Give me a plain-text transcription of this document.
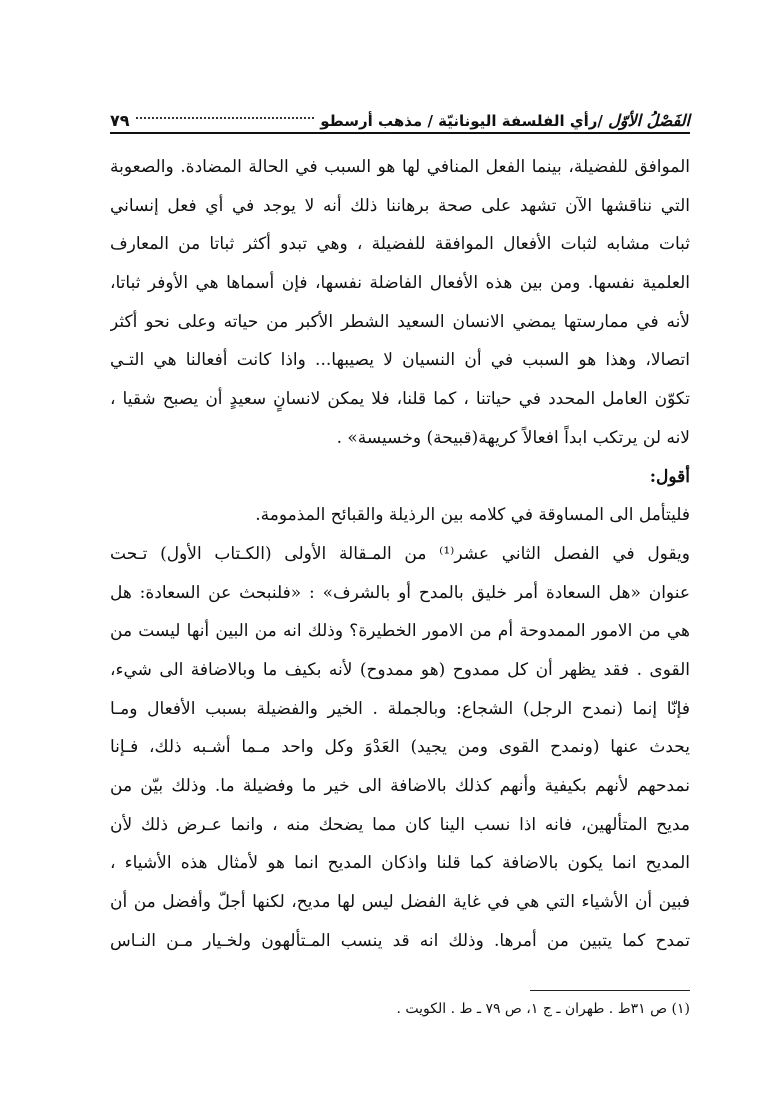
الفَصْلُ الأوّل /رأي الفلسفة اليونانيّة / مذهب أرسطو
٧٩
الموافق للفضيلة، بينما الفعل المنافي لها هو السبب في الحالة المضادة. والصعوبة
التي نناقشها الآن تشهد على صحة برهاننا ذلك أنه لا يوجد في أي فعل إنساني
ثبات مشابه لثبات الأفعال الموافقة للفضيلة ، وهي تبدو أكثر ثباتا من المعارف
العلمية نفسها. ومن بين هذه الأفعال الفاضلة نفسها، فإن أسماها هي الأوفر ثباتا،
لأنه في ممارستها يمضي الانسان السعيد الشطر الأكبر من حياته وعلى نحو أكثر
اتصالا، وهذا هو السبب في أن النسيان لا يصيبها... واذا كانت أفعالنا هي التـي
تكوّن العامل المحدد في حياتنا ، كما قلنا، فلا يمكن لانسانٍ سعيدٍ أن يصبح شقيا ،
لانه لن يرتكب ابداً افعالاً كريهة(قبيحة) وخسيسة» .
أقول:
فليتأمل الى المساوقة في كلامه بين الرذيلة والقبائح المذمومة.
ويقول في الفصل الثاني عشر⁽¹⁾ من المـقالة الأولى (الكـتاب الأول) تـحت
عنوان «هل السعادة أمر خليق بالمدح أو بالشرف» : «فلنبحث عن السعادة: هل
هي من الامور الممدوحة أم من الامور الخطيرة؟ وذلك انه من البين أنها ليست من
القوى . فقد يظهر أن كل ممدوح (هو ممدوح) لأنه بكيف ما وبالاضافة الى شيء،
فإنّا إنما (نمدح الرجل) الشجاع: وبالجملة . الخير والفضيلة بسبب الأفعال ومـا
يحدث عنها (ونمدح القوى ومن يجيد) العَدْوَ وكل واحد مـما أشـبه ذلك، فـإنا
نمدحهم لأنهم بكيفية وأنهم كذلك بالاضافة الى خير ما وفضيلة ما. وذلك بيّن من
مديح المتألهين، فانه اذا نسب الينا كان مما يضحك منه ، وانما عـرض ذلك لأن
المديح انما يكون بالاضافة كما قلنا واذكان المديح انما هو لأمثال هذه الأشياء ،
فبين أن الأشياء التي هي في غاية الفضل ليس لها مديح، لكنها أجلّ وأفضل من أن
تمدح كما يتبين من أمرها. وذلك انه قد ينسب المـتألهون ولخـيار مـن النـاس
(١) ص ٣١ط . طهران ـ ج ١، ص ٧٩ ـ ط . الكويت .
